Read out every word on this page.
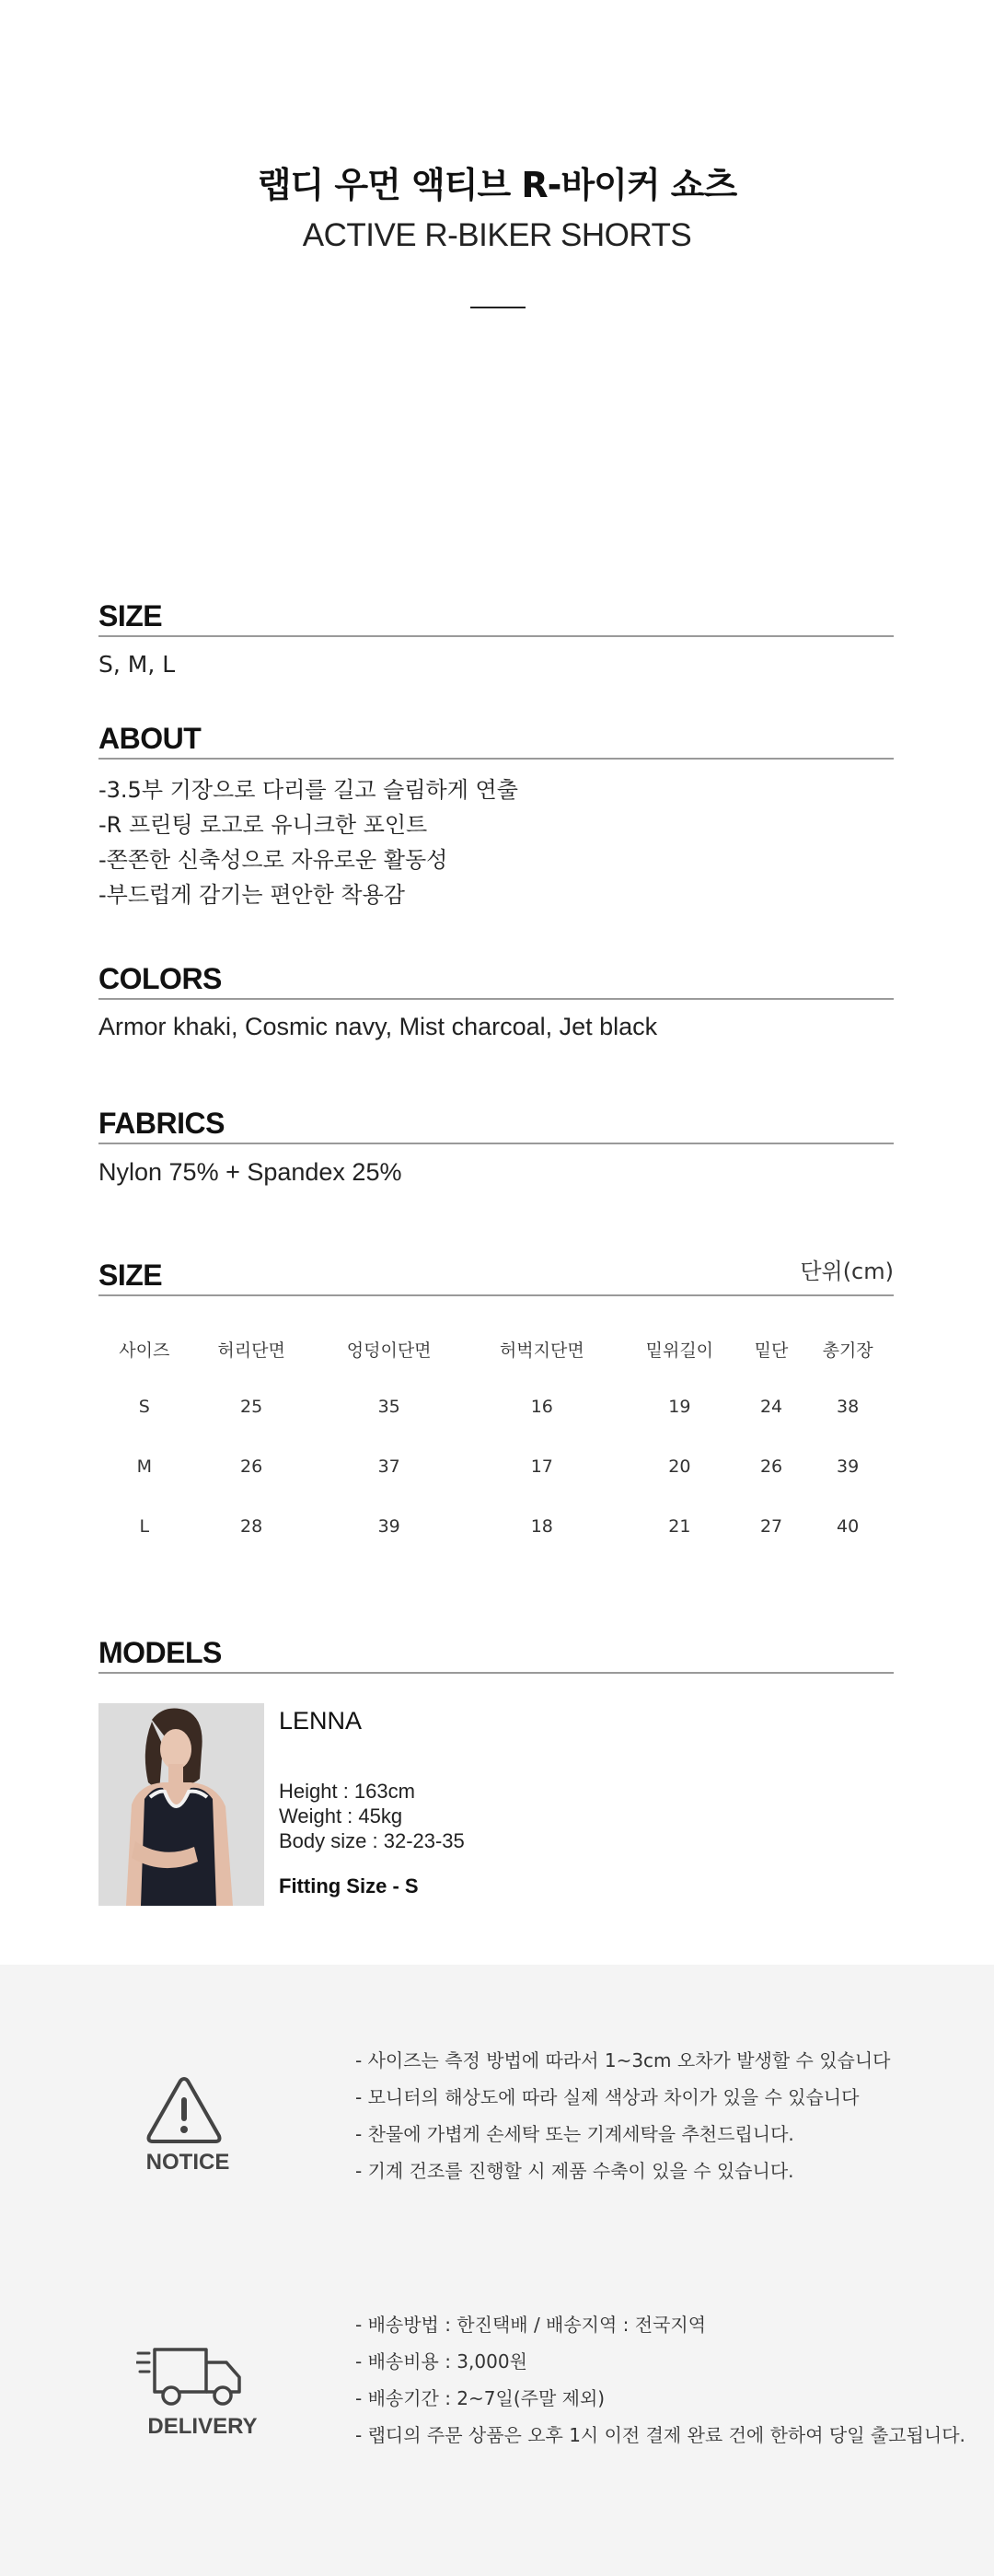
랩디 우먼 액티브 R-바이커 쇼츠
ACTIVE R-BIKER SHORTS
SIZE
S, M, L
ABOUT
-3.5부 기장으로 다리를 길고 슬림하게 연출
-R 프린팅 로고로 유니크한 포인트
-쫀쫀한 신축성으로 자유로운 활동성
-부드럽게 감기는 편안한 착용감
COLORS
Armor khaki, Cosmic navy, Mist charcoal, Jet black
FABRICS
Nylon 75% + Spandex 25%
SIZE	단위(cm)
사이즈	허리단면	엉덩이단면	허벅지단면	밑위길이	밑단	총기장
S	25	35	16	19	24	38
M	26	37	17	20	26	39
L	28	39	18	21	27	40
MODELS
LENNA
Height : 163cm
Weight : 45kg
Body size : 32-23-35
Fitting Size - S
NOTICE
- 사이즈는 측정 방법에 따라서 1~3cm 오차가 발생할 수 있습니다
- 모니터의 해상도에 따라 실제 색상과 차이가 있을 수 있습니다
- 찬물에 가볍게 손세탁 또는 기계세탁을 추천드립니다.
- 기계 건조를 진행할 시 제품 수축이 있을 수 있습니다.
DELIVERY
- 배송방법 : 한진택배 / 배송지역 : 전국지역
- 배송비용 : 3,000원
- 배송기간 : 2~7일(주말 제외)
- 랩디의 주문 상품은 오후 1시 이전 결제 완료 건에 한하여 당일 출고됩니다.
